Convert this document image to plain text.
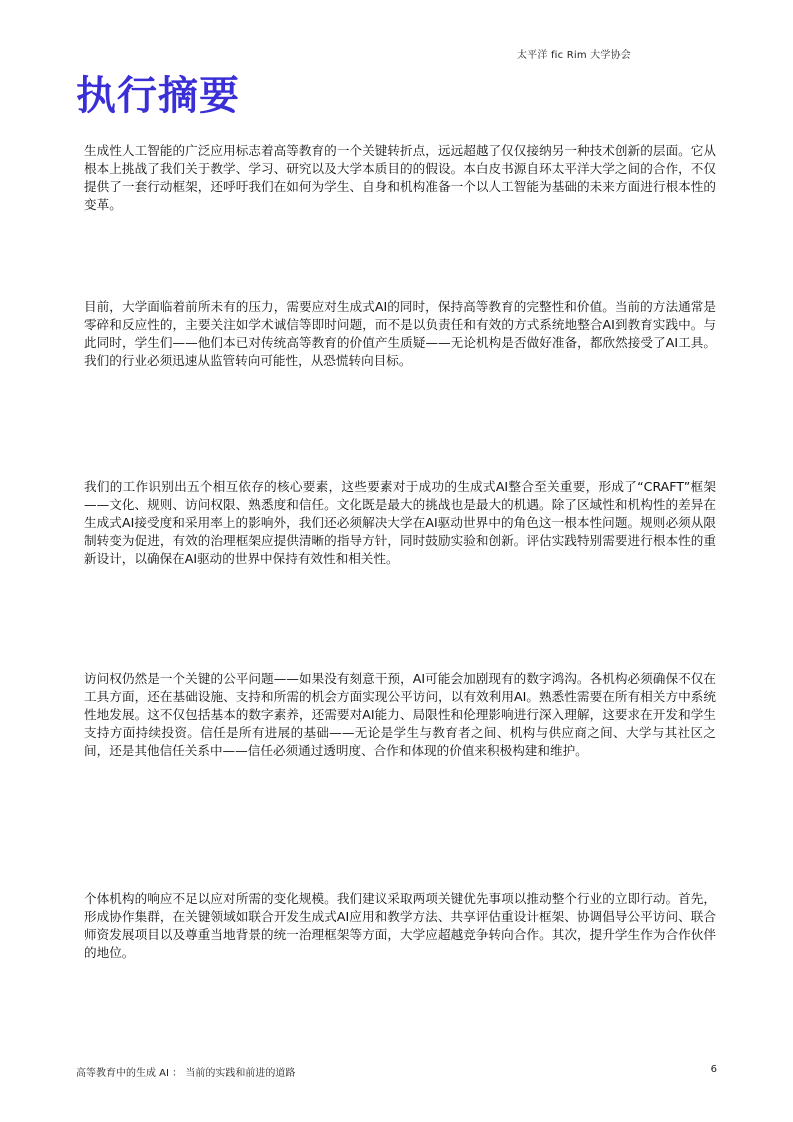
太平洋 fic Rim 大学协会
执行摘要

生成性人工智能的广泛应用标志着高等教育的一个关键转折点，远远超越了仅仅接纳另一种技术创新的层面。它从根本上挑战了我们关于教学、学习、研究以及大学本质目的的假设。本白皮书源自环太平洋大学之间的合作，不仅提供了一套行动框架，还呼吁我们在如何为学生、自身和机构准备一个以人工智能为基础的未来方面进行根本性的变革。

目前，大学面临着前所未有的压力，需要应对生成式AI的同时，保持高等教育的完整性和价值。当前的方法通常是零碎和反应性的，主要关注如学术诚信等即时问题，而不是以负责任和有效的方式系统地整合AI到教育实践中。与此同时，学生们——他们本已对传统高等教育的价值产生质疑——无论机构是否做好准备，都欣然接受了AI工具。我们的行业必须迅速从监管转向可能性，从恐慌转向目标。

我们的工作识别出五个相互依存的核心要素，这些要素对于成功的生成式AI整合至关重要，形成了“CRAFT”框架——文化、规则、访问权限、熟悉度和信任。文化既是最大的挑战也是最大的机遇。除了区域性和机构性的差异在生成式AI接受度和采用率上的影响外，我们还必须解决大学在AI驱动世界中的角色这一根本性问题。规则必须从限制转变为促进，有效的治理框架应提供清晰的指导方针，同时鼓励实验和创新。评估实践特别需要进行根本性的重新设计，以确保在AI驱动的世界中保持有效性和相关性。

访问权仍然是一个关键的公平问题——如果没有刻意干预，AI可能会加剧现有的数字鸿沟。各机构必须确保不仅在工具方面，还在基础设施、支持和所需的机会方面实现公平访问，以有效利用AI。熟悉性需要在所有相关方中系统性地发展。这不仅包括基本的数字素养，还需要对AI能力、局限性和伦理影响进行深入理解，这要求在开发和学生支持方面持续投资。信任是所有进展的基础——无论是学生与教育者之间、机构与供应商之间、大学与其社区之间，还是其他信任关系中——信任必须通过透明度、合作和体现的价值来积极构建和维护。

个体机构的响应不足以应对所需的变化规模。我们建议采取两项关键优先事项以推动整个行业的立即行动。首先，形成协作集群，在关键领域如联合开发生成式AI应用和教学方法、共享评估重设计框架、协调倡导公平访问、联合师资发展项目以及尊重当地背景的统一治理框架等方面，大学应超越竞争转向合作。其次，提升学生作为合作伙伴的地位。

高等教育中的生成 AI ： 当前的实践和前进的道路	6
